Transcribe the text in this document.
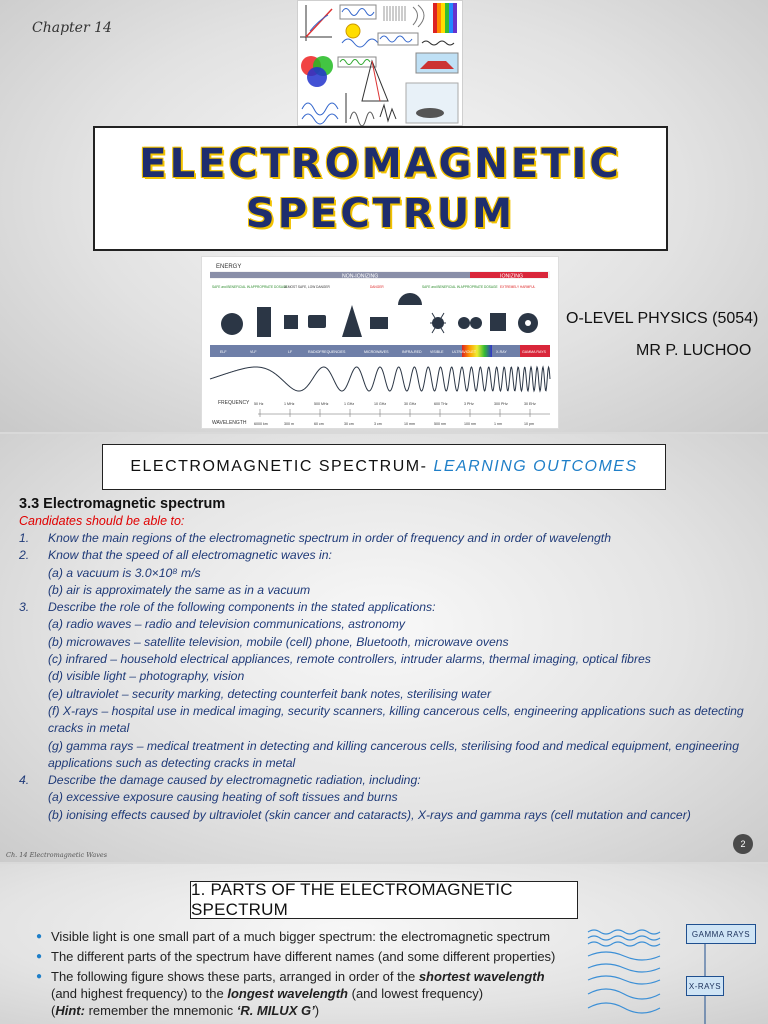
Chapter 14
ELECTROMAGNETIC
SPECTRUM
ENERGY
NON-IONIZING	IONIZING
SAFE and BENEFICIAL IN APPROPRIATE DOSAGE
ALMOST SAFE, LOW DANGER	DANGER	SAFE and BENEFICIAL IN APPROPRIATE DOSAGE EXTREMELY HARMFUL
ELF	VLF	LF	RADIOFREQUENCIES	MICROWAVES	INFRA-RED VISIBLE ULTRAVIOLET	X-RAY	GAMMA RAYS
FREQUENCY
WAVELENGTH
50 Hz
6000 km
1 MHz
300 m
500 MHz
60 cm
1 GHz
30 cm
10 GHz
3 cm
30 GHz
10 mm
600 THz
500 nm
3 PHz
100 nm
300 PHz
1 nm
30 EHz
10 pm
O-LEVEL PHYSICS (5054)
MR P. LUCHOO
ELECTROMAGNETIC SPECTRUM- LEARNING OUTCOMES
3.3 Electromagnetic spectrum
Candidates should be able to:
1.	Know the main regions of the electromagnetic spectrum in order of frequency and in order of wavelength
2.	Know that the speed of all electromagnetic waves in:
(a) a vacuum is 3.0×10⁸ m/s
(b) air is approximately the same as in a vacuum
3.	Describe the role of the following components in the stated applications:
(a) radio waves – radio and television communications, astronomy
(b) microwaves – satellite television, mobile (cell) phone, Bluetooth, microwave ovens
(c) infrared – household electrical appliances, remote controllers, intruder alarms, thermal imaging, optical fibres
(d) visible light – photography, vision
(e) ultraviolet – security marking, detecting counterfeit bank notes, sterilising water
(f) X-rays – hospital use in medical imaging, security scanners, killing cancerous cells, engineering applications such as detecting
cracks in metal
(g) gamma rays – medical treatment in detecting and killing cancerous cells, sterilising food and medical equipment, engineering
applications such as detecting cracks in metal
4.	Describe the damage caused by electromagnetic radiation, including:
(a) excessive exposure causing heating of soft tissues and burns
(b) ionising effects caused by ultraviolet (skin cancer and cataracts), X-rays and gamma rays (cell mutation and cancer)
Ch. 14 Electromagnetic Waves
2
1. PARTS OF THE ELECTROMAGNETIC SPECTRUM
● Visible light is one small part of a much bigger spectrum: the electromagnetic spectrum
● The different parts of the spectrum have different names (and some different properties)
● The following figure shows these parts, arranged in order of the shortest wavelength
(and highest frequency) to the longest wavelength (and lowest frequency)
(Hint: remember the mnemonic ‘R. MILUX G’)
GAMMA RAYS
X-RAYS
